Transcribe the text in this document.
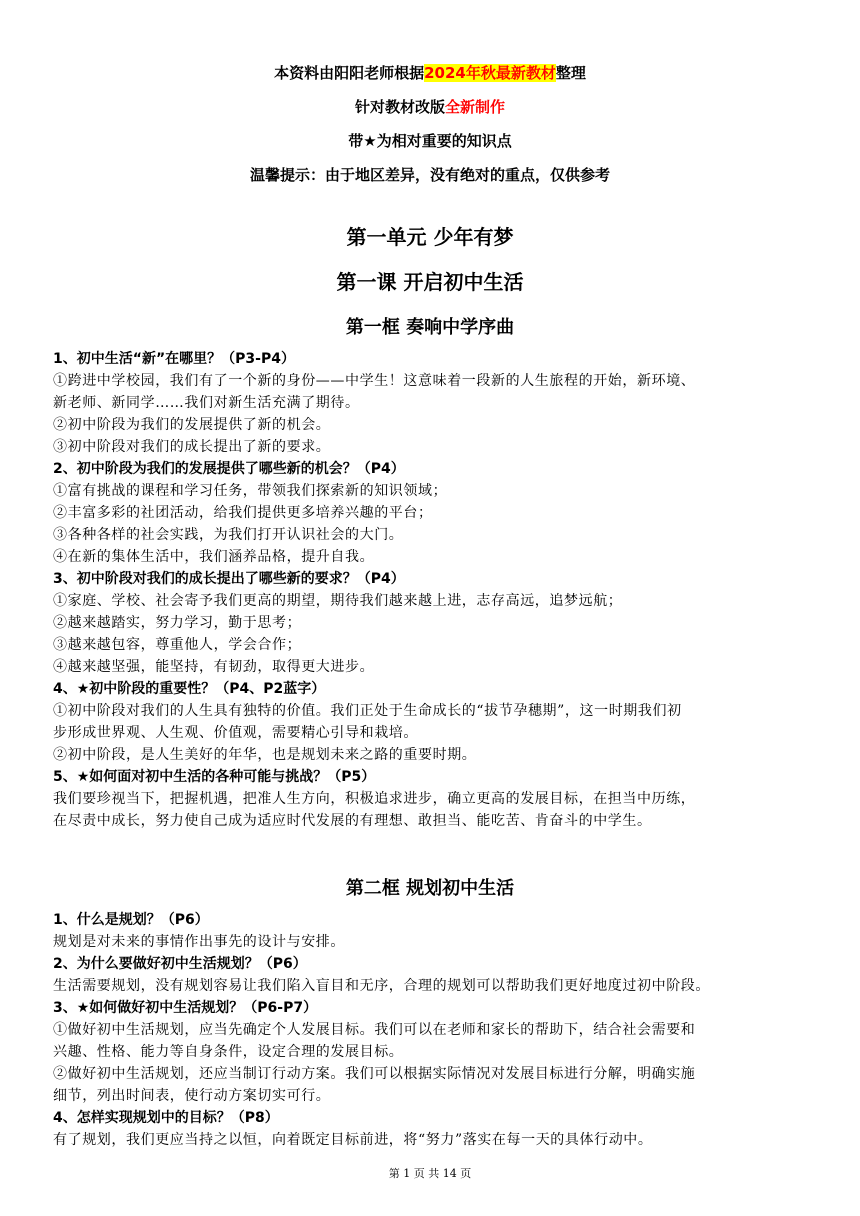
本资料由阳阳老师根据2024年秋最新教材整理
针对教材改版全新制作
带★为相对重要的知识点
温馨提示：由于地区差异，没有绝对的重点，仅供参考
第一单元 少年有梦
第一课 开启初中生活
第一框 奏响中学序曲
1、初中生活“新”在哪里？（P3-P4）
①跨进中学校园，我们有了一个新的身份——中学生！这意味着一段新的人生旅程的开始，新环境、
新老师、新同学……我们对新生活充满了期待。
②初中阶段为我们的发展提供了新的机会。
③初中阶段对我们的成长提出了新的要求。
2、初中阶段为我们的发展提供了哪些新的机会？（P4）
①富有挑战的课程和学习任务，带领我们探索新的知识领域；
②丰富多彩的社团活动，给我们提供更多培养兴趣的平台；
③各种各样的社会实践，为我们打开认识社会的大门。
④在新的集体生活中，我们涵养品格，提升自我。
3、初中阶段对我们的成长提出了哪些新的要求？（P4）
①家庭、学校、社会寄予我们更高的期望，期待我们越来越上进，志存高远，追梦远航；
②越来越踏实，努力学习，勤于思考；
③越来越包容，尊重他人，学会合作；
④越来越坚强，能坚持，有韧劲，取得更大进步。
4、★初中阶段的重要性？（P4、P2蓝字）
①初中阶段对我们的人生具有独特的价值。我们正处于生命成长的“拔节孕穗期”，这一时期我们初
步形成世界观、人生观、价值观，需要精心引导和栽培。
②初中阶段，是人生美好的年华，也是规划未来之路的重要时期。
5、★如何面对初中生活的各种可能与挑战？（P5）
我们要珍视当下，把握机遇，把准人生方向，积极追求进步，确立更高的发展目标，在担当中历练，
在尽责中成长，努力使自己成为适应时代发展的有理想、敢担当、能吃苦、肯奋斗的中学生。
第二框 规划初中生活
1、什么是规划？（P6）
规划是对未来的事情作出事先的设计与安排。
2、为什么要做好初中生活规划？（P6）
生活需要规划，没有规划容易让我们陷入盲目和无序，合理的规划可以帮助我们更好地度过初中阶段。
3、★如何做好初中生活规划？（P6-P7）
①做好初中生活规划，应当先确定个人发展目标。我们可以在老师和家长的帮助下，结合社会需要和
兴趣、性格、能力等自身条件，设定合理的发展目标。
②做好初中生活规划，还应当制订行动方案。我们可以根据实际情况对发展目标进行分解，明确实施
细节，列出时间表，使行动方案切实可行。
4、怎样实现规划中的目标？（P8）
有了规划，我们更应当持之以恒，向着既定目标前进，将“努力”落实在每一天的具体行动中。
第 1 页 共 14 页
